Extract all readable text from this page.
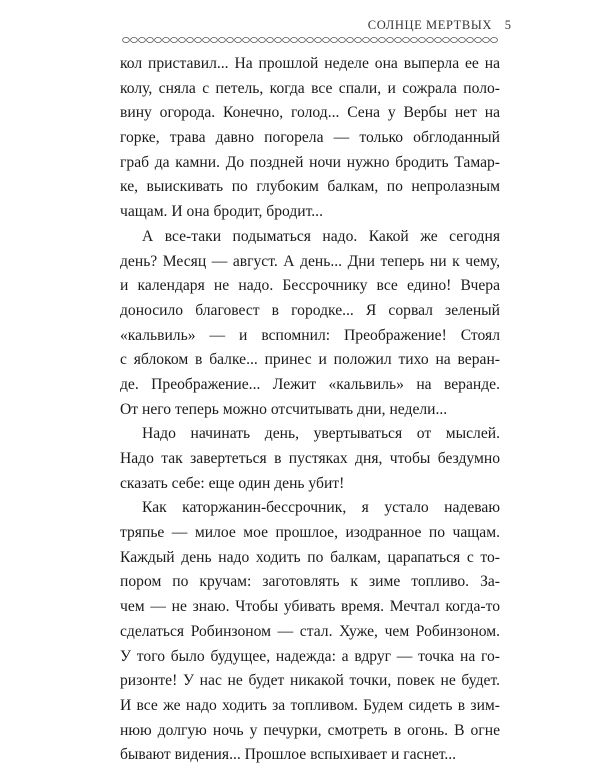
СОЛНЦЕ МЕРТВЫХ 5
кол приставил... На прошлой неделе она выперла ее на
колу, сняла с петель, когда все спали, и сожрала поло-
вину огорода. Конечно, голод... Сена у Вербы нет на
горке, трава давно погорела — только обглоданный
граб да камни. До поздней ночи нужно бродить Тамар-
ке, выискивать по глубоким балкам, по непролазным
чащам. И она бродит, бродит...
А все-таки подыматься надо. Какой же сегодня
день? Месяц — август. А день... Дни теперь ни к чему,
и календаря не надо. Бессрочнику все едино! Вчера
доносило благовест в городке... Я сорвал зеленый
«кальвиль» — и вспомнил: Преображение! Стоял
с яблоком в балке... принес и положил тихо на веран-
де. Преображение... Лежит «кальвиль» на веранде.
От него теперь можно отсчитывать дни, недели...
Надо начинать день, увертываться от мыслей.
Надо так завертеться в пустяках дня, чтобы бездумно
сказать себе: еще один день убит!
Как каторжанин-бессрочник, я устало надеваю
тряпье — милое мое прошлое, изодранное по чащам.
Каждый день надо ходить по балкам, царапаться с то-
пором по кручам: заготовлять к зиме топливо. За-
чем — не знаю. Чтобы убивать время. Мечтал когда-то
сделаться Робинзоном — стал. Хуже, чем Робинзоном.
У того было будущее, надежда: а вдруг — точка на го-
ризонте! У нас не будет никакой точки, повек не будет.
И все же надо ходить за топливом. Будем сидеть в зим-
нюю долгую ночь у печурки, смотреть в огонь. В огне
бывают видения... Прошлое вспыхивает и гаснет...
